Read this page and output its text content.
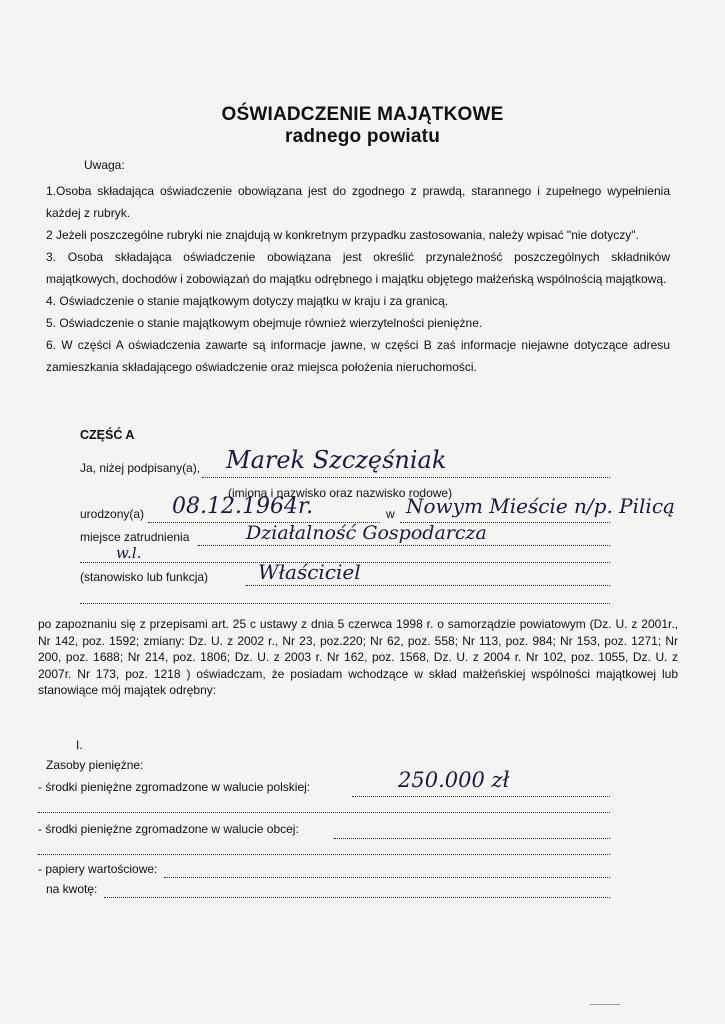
OŚWIADCZENIE MAJĄTKOWE
radnego powiatu
Uwaga:
1.Osoba składająca oświadczenie obowiązana jest do zgodnego z prawdą, starannego i zupełnego wypełnienia każdej z rubryk.
2 Jeżeli poszczególne rubryki nie znajdują w konkretnym przypadku zastosowania, należy wpisać "nie dotyczy".
3. Osoba składająca oświadczenie obowiązana jest określić przynależność poszczególnych składników majątkowych, dochodów i zobowiązań do majątku odrębnego i majątku objętego małżeńską wspólnością majątkową.
4. Oświadczenie o stanie majątkowym dotyczy majątku w kraju i za granicą.
5. Oświadczenie o stanie majątkowym obejmuje również wierzytelności pieniężne.
6. W części A oświadczenia zawarte są informacje jawne, w części B zaś informacje niejawne dotyczące adresu zamieszkania składającego oświadczenie oraz miejsca położenia nieruchomości.
CZĘŚĆ A
Ja, niżej podpisany(a), Marek Szczęśniak
(imiona i nazwisko oraz nazwisko rodowe)
urodzony(a) 08.12.1964r.	w Nowym Mieście n/p. Pilicą
miejsce zatrudnienia	Działalność Gospodarcza
w.l.
(stanowisko lub funkcja) Właściciel
po zapoznaniu się z przepisami art. 25 c ustawy z dnia 5 czerwca 1998 r. o samorządzie powiatowym (Dz. U. z 2001r., Nr 142, poz. 1592; zmiany: Dz. U. z 2002 r., Nr 23, poz.220; Nr 62, poz. 558; Nr 113, poz. 984; Nr 153, poz. 1271; Nr 200, poz. 1688; Nr 214, poz. 1806; Dz. U. z 2003 r. Nr 162, poz. 1568, Dz. U. z 2004 r. Nr 102, poz. 1055, Dz. U. z 2007r. Nr 173, poz. 1218 ) oświadczam, że posiadam wchodzące w skład małżeńskiej wspólności majątkowej lub stanowiące mój majątek odrębny:
I.
Zasoby pieniężne:
- środki pieniężne zgromadzone w walucie polskiej:	250.000 zł
- środki pieniężne zgromadzone w walucie obcej:
- papiery wartościowe:
na kwotę:
